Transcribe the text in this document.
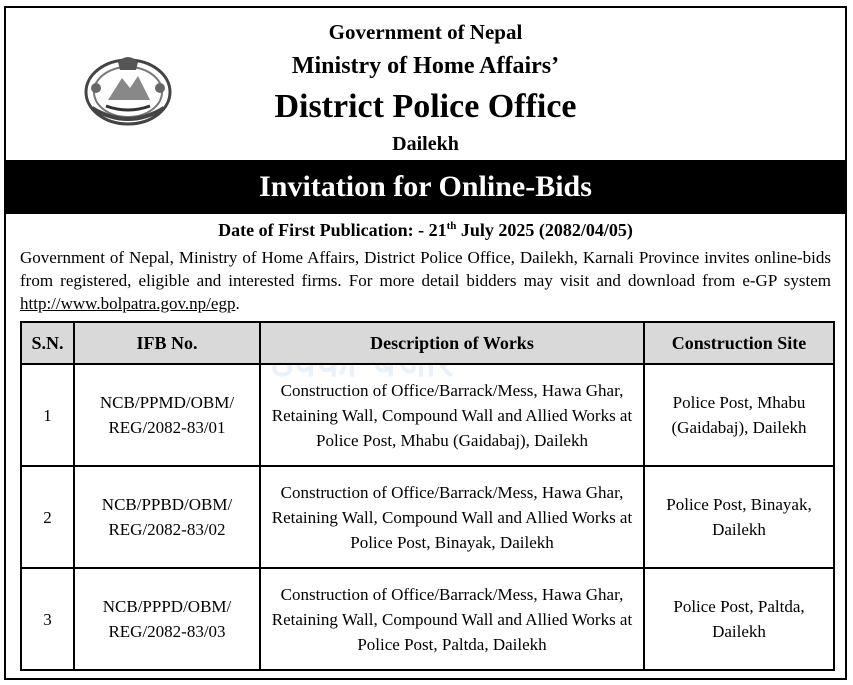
Government of Nepal
Ministry of Home Affairs’
District Police Office
Dailekh
Invitation for Online-Bids
Date of First Publication: - 21th July 2025 (2082/04/05)
Government of Nepal, Ministry of Home Affairs, District Police Office, Dailekh, Karnali Province invites online-bids from registered, eligible and interested firms. For more detail bidders may visit and download from e-GP system http://www.bolpatra.gov.np/egp.
S.N.	IFB No.	Description of Works	Construction Site
1	NCB/PPMD/OBM/ REG/2082-83/01	Construction of Office/Barrack/Mess, Hawa Ghar, Retaining Wall, Compound Wall and Allied Works at Police Post, Mhabu (Gaidabaj), Dailekh	Police Post, Mhabu (Gaidabaj), Dailekh
2	NCB/PPBD/OBM/ REG/2082-83/02	Construction of Office/Barrack/Mess, Hawa Ghar, Retaining Wall, Compound Wall and Allied Works at Police Post, Binayak, Dailekh	Police Post, Binayak, Dailekh
3	NCB/PPPD/OBM/ REG/2082-83/03	Construction of Office/Barrack/Mess, Hawa Ghar, Retaining Wall, Compound Wall and Allied Works at Police Post, Paltda, Dailekh	Police Post, Paltda, Dailekh
